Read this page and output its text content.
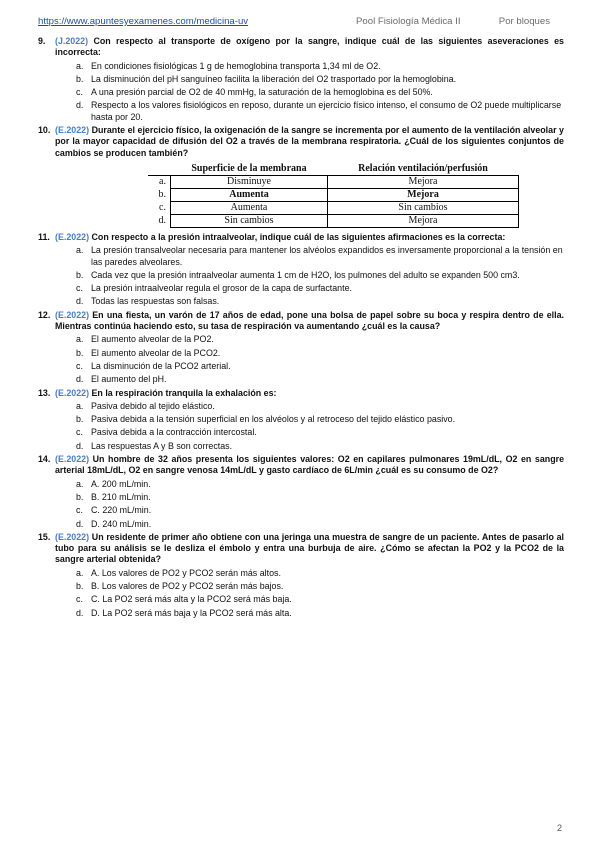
https://www.apuntesyexamenes.com/medicina-uv	Pool Fisiología Médica II	Por bloques
9. (J.2022) Con respecto al transporte de oxígeno por la sangre, indique cuál de las siguientes aseveraciones es incorrecta:
a. En condiciones fisiológicas 1 g de hemoglobina transporta 1,34 ml de O2.
b. La disminución del pH sanguíneo facilita la liberación del O2 trasportado por la hemoglobina.
c. A una presión parcial de O2 de 40 mmHg, la saturación de la hemoglobina es del 50%.
d. Respecto a los valores fisiológicos en reposo, durante un ejercicio físico intenso, el consumo de O2 puede multiplicarse hasta por 20.
10. (E.2022) Durante el ejercicio físico, la oxigenación de la sangre se incrementa por el aumento de la ventilación alveolar y por la mayor capacidad de difusión del O2 a través de la membrana respiratoria. ¿Cuál de los siguientes conjuntos de cambios se producen también?
	Superficie de la membrana	Relación ventilación/perfusión
a.	Disminuye	Mejora
b.	Aumenta	Mejora
c.	Aumenta	Sin cambios
d.	Sin cambios	Mejora
11. (E.2022) Con respecto a la presión intraalveolar, indique cuál de las siguientes afirmaciones es la correcta:
a. La presión transalveolar necesaria para mantener los alvéolos expandidos es inversamente proporcional a la tensión en las paredes alveolares.
b. Cada vez que la presión intraalveolar aumenta 1 cm de H2O, los pulmones del adulto se expanden 500 cm3.
c. La presión intraalveolar regula el grosor de la capa de surfactante.
d. Todas las respuestas son falsas.
12. (E.2022) En una fiesta, un varón de 17 años de edad, pone una bolsa de papel sobre su boca y respira dentro de ella. Mientras continúa haciendo esto, su tasa de respiración va aumentando ¿cuál es la causa?
a. El aumento alveolar de la PO2.
b. El aumento alveolar de la PCO2.
c. La disminución de la PCO2 arterial.
d. El aumento del pH.
13. (E.2022) En la respiración tranquila la exhalación es:
a. Pasiva debido al tejido elástico.
b. Pasiva debida a la tensión superficial en los alvéolos y al retroceso del tejido elástico pasivo.
c. Pasiva debida a la contracción intercostal.
d. Las respuestas A y B son correctas.
14. (E.2022) Un hombre de 32 años presenta los siguientes valores: O2 en capilares pulmonares 19mL/dL, O2 en sangre arterial 18mL/dL, O2 en sangre venosa 14mL/dL y gasto cardíaco de 6L/min ¿cuál es su consumo de O2?
a. A. 200 mL/min.
b. B. 210 mL/min.
c. C. 220 mL/min.
d. D. 240 mL/min.
15. (E.2022) Un residente de primer año obtiene con una jeringa una muestra de sangre de un paciente. Antes de pasarlo al tubo para su análisis se le desliza el émbolo y entra una burbuja de aire. ¿Cómo se afectan la PO2 y la PCO2 de la sangre arterial obtenida?
a. A. Los valores de PO2 y PCO2 serán más altos.
b. B. Los valores de PO2 y PCO2 serán más bajos.
c. C. La PO2 será más alta y la PCO2 será más baja.
d. D. La PO2 será más baja y la PCO2 será más alta.
2
